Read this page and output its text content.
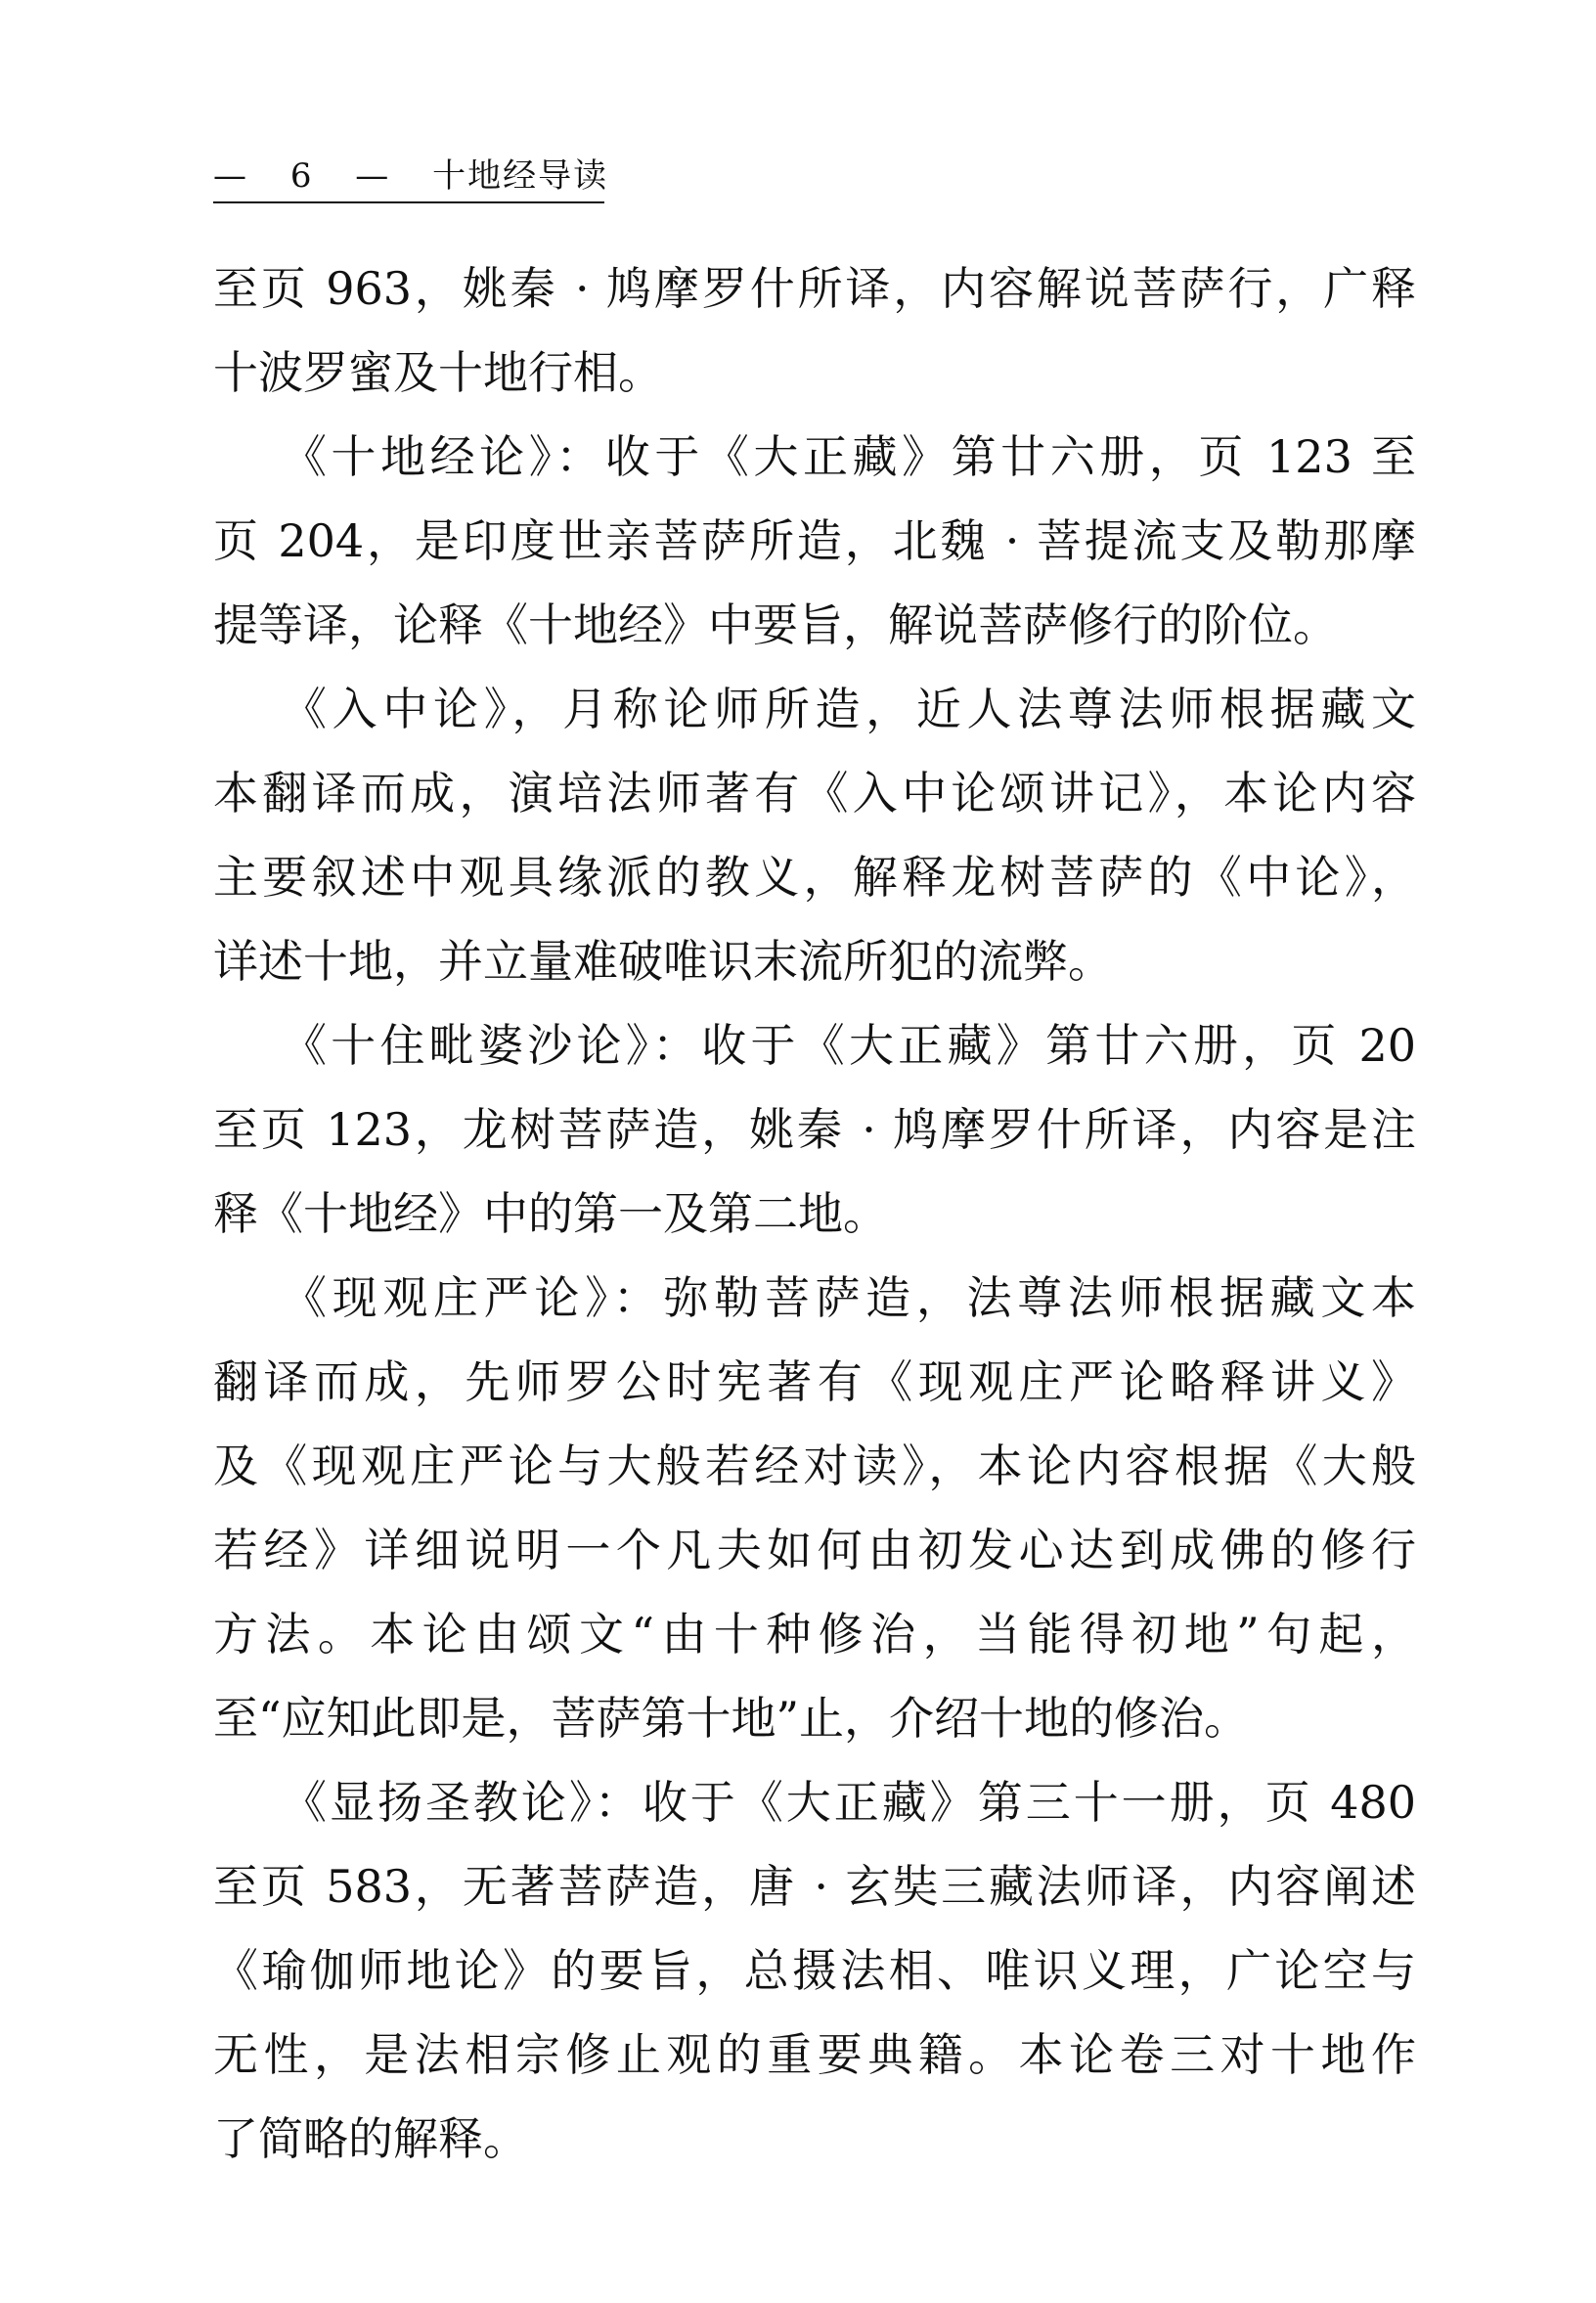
— 6 — 十地经导读
至页 963，姚秦 · 鸠摩罗什所译，内容解说菩萨行，广释
十波罗蜜及十地行相。
《十地经论》：收于《大正藏》第廿六册，页 123 至
页 204，是印度世亲菩萨所造，北魏 · 菩提流支及勒那摩
提等译，论释《十地经》中要旨，解说菩萨修行的阶位。
《入中论》，月称论师所造，近人法尊法师根据藏文
本翻译而成，演培法师著有《入中论颂讲记》，本论内容
主要叙述中观具缘派的教义，解释龙树菩萨的《中论》，
详述十地，并立量难破唯识末流所犯的流弊。
《十住毗婆沙论》：收于《大正藏》第廿六册，页 20
至页 123，龙树菩萨造，姚秦 · 鸠摩罗什所译，内容是注
释《十地经》中的第一及第二地。
《现观庄严论》：弥勒菩萨造，法尊法师根据藏文本
翻译而成，先师罗公时宪著有《现观庄严论略释讲义》
及《现观庄严论与大般若经对读》，本论内容根据《大般
若经》详细说明一个凡夫如何由初发心达到成佛的修行
方法。本论由颂文“由十种修治，当能得初地”句起，
至“应知此即是，菩萨第十地”止，介绍十地的修治。
《显扬圣教论》：收于《大正藏》第三十一册，页 480
至页 583，无著菩萨造，唐 · 玄奘三藏法师译，内容阐述
《瑜伽师地论》的要旨，总摄法相、唯识义理，广论空与
无性，是法相宗修止观的重要典籍。本论卷三对十地作
了简略的解释。
